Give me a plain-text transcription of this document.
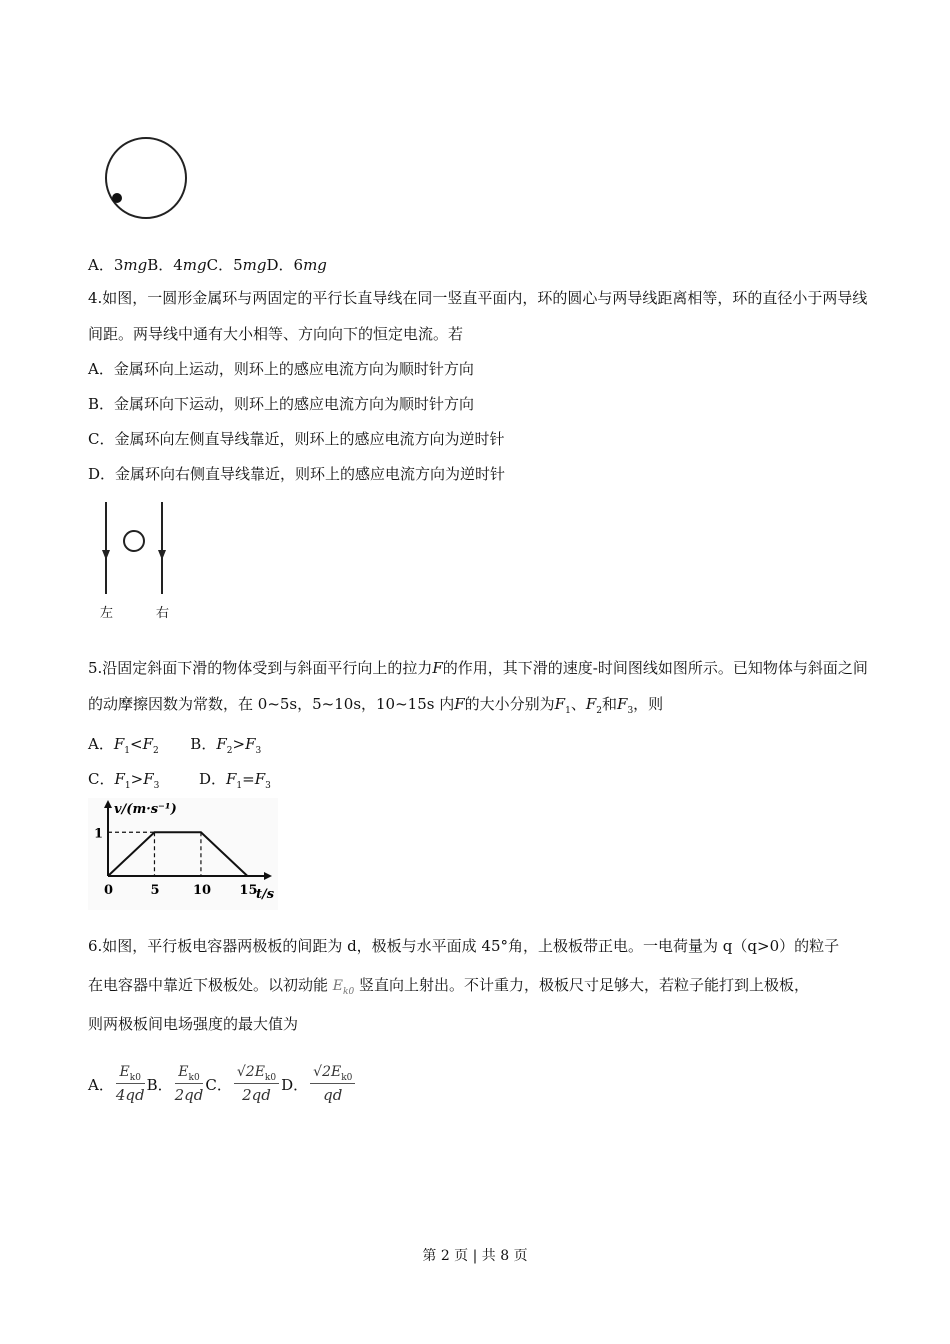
A．3mgB．4mgC．5mgD．6mg
4.如图，一圆形金属环与两固定的平行长直导线在同一竖直平面内，环的圆心与两导线距离相等，环的直径小于两导线间距。两导线中通有大小相等、方向向下的恒定电流。若
A．金属环向上运动，则环上的感应电流方向为顺时针方向
B．金属环向下运动，则环上的感应电流方向为顺时针方向
C．金属环向左侧直导线靠近，则环上的感应电流方向为逆时针
D．金属环向右侧直导线靠近，则环上的感应电流方向为逆时针
左	右
5.沿固定斜面下滑的物体受到与斜面平行向上的拉力F的作用，其下滑的速度-时间图线如图所示。已知物体与斜面之间的动摩擦因数为常数，在 0~5s，5~10s，10~15s 内F的大小分别为$F_1$、$F_2$和$F_3$，则
A．$F_1<F_2$ B．$F_2>F_3$
C．$F_1>F_3$	D．$F_1=F_3$
v/(m·s⁻¹)
t/s
0	5	10 15
1
6.如图，平行板电容器两极板的间距为 d，极板与水平面成 45°角，上极板带正电。一电荷量为 q（q>0）的粒子
在电容器中靠近下极板处。以初动能 $E_{k0}$ 竖直向上射出。不计重力，极板尺寸足够大，若粒子能打到上极板，
则两极板间电场强度的最大值为
A． $\frac{E_{k0}}{4qd}$ B． $\frac{E_{k0}}{2qd}$ C． $\frac{√2E_{k0}}{2qd}$ D． $\frac{√2E_{k0}}{qd}$
第 2 页 | 共 8 页
